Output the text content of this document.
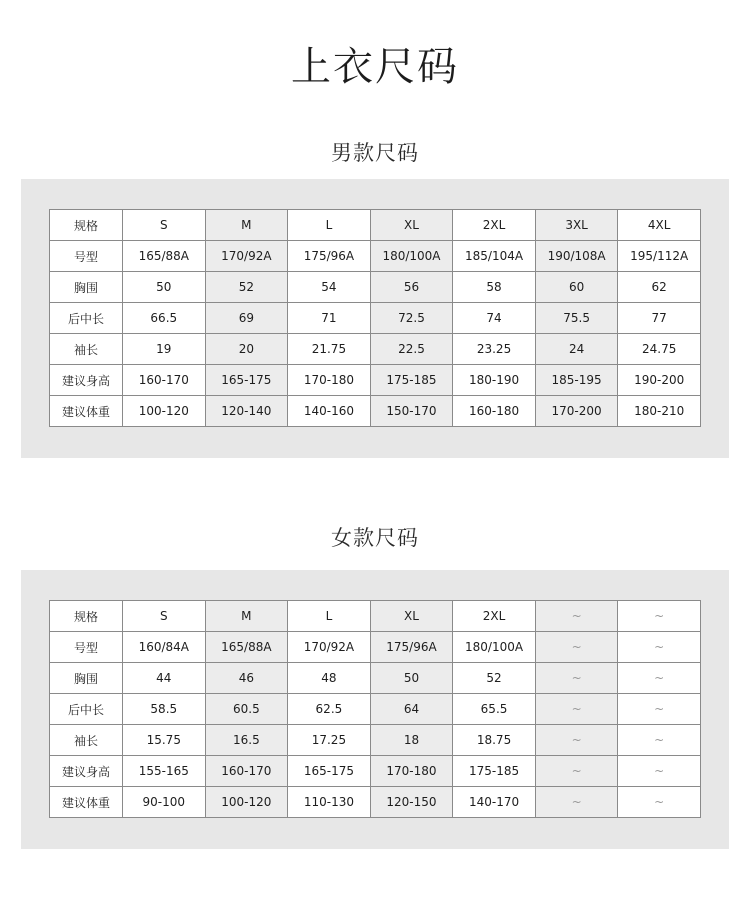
上衣尺码
男款尺码
规格	S	M	L	XL	2XL	3XL	4XL
号型	165/88A	170/92A	175/96A	180/100A	185/104A	190/108A	195/112A
胸围	50	52	54	56	58	60	62
后中长	66.5	69	71	72.5	74	75.5	77
袖长	19	20	21.75	22.5	23.25	24	24.75
建议身高	160-170	165-175	170-180	175-185	180-190	185-195	190-200
建议体重	100-120	120-140	140-160	150-170	160-180	170-200	180-210
女款尺码
规格	S	M	L	XL	2XL	~	~
号型	160/84A	165/88A	170/92A	175/96A	180/100A	~	~
胸围	44	46	48	50	52	~	~
后中长	58.5	60.5	62.5	64	65.5	~	~
袖长	15.75	16.5	17.25	18	18.75	~	~
建议身高	155-165	160-170	165-175	170-180	175-185	~	~
建议体重	90-100	100-120	110-130	120-150	140-170	~	~
